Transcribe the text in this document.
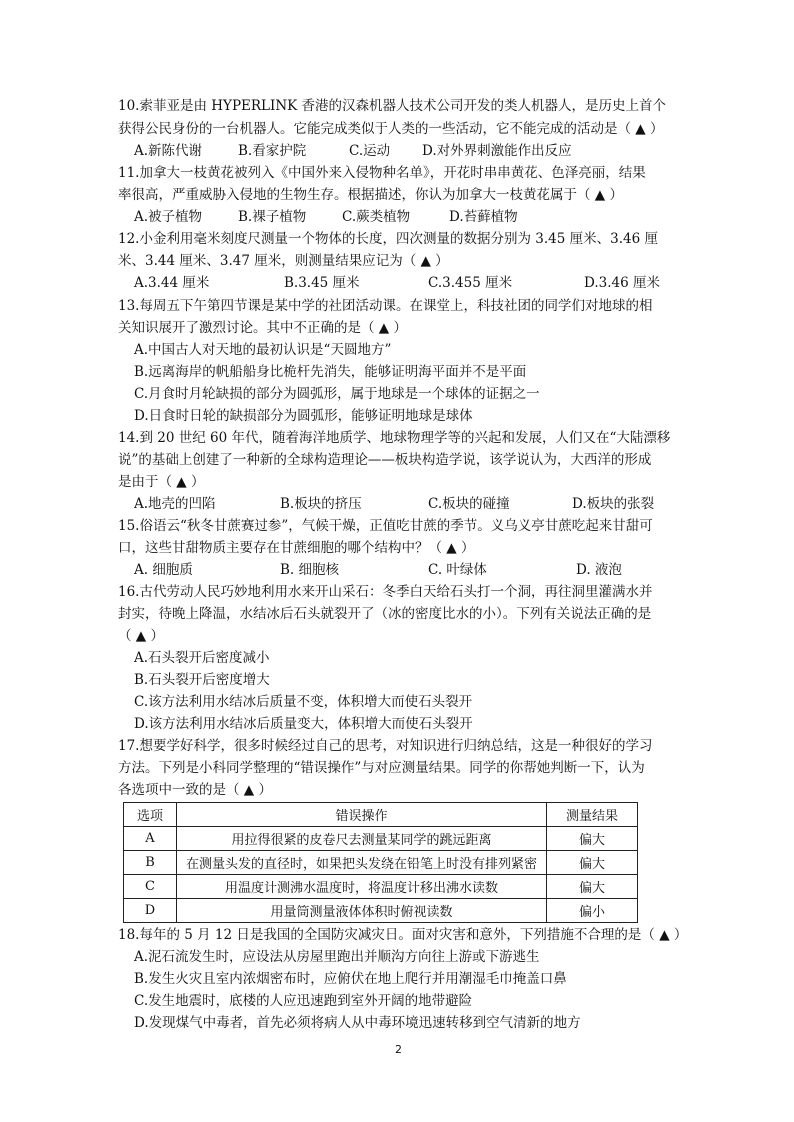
10.索菲亚是由 HYPERLINK 香港的汉森机器人技术公司开发的类人机器人，是历史上首个
获得公民身份的一台机器人。它能完成类似于人类的一些活动，它不能完成的活动是（ ▲ ）
A.新陈代谢	B.看家护院	C.运动 D.对外界刺激能作出反应
11.加拿大一枝黄花被列入《中国外来入侵物种名单》，开花时串串黄花、色泽亮丽，结果
率很高，严重威胁入侵地的生物生存。根据描述，你认为加拿大一枝黄花属于（ ▲ ）
A.被子植物	B.裸子植物	C.蕨类植物	D.苔藓植物
12.小金利用毫米刻度尺测量一个物体的长度，四次测量的数据分别为 3.45 厘米、3.46 厘
米、3.44 厘米、3.47 厘米，则测量结果应记为（ ▲ ）
A.3.44 厘米	B.3.45 厘米	C.3.455 厘米	D.3.46 厘米
13.每周五下午第四节课是某中学的社团活动课。在课堂上，科技社团的同学们对地球的相
关知识展开了激烈讨论。其中不正确的是（ ▲ ）
A.中国古人对天地的最初认识是“天圆地方”
B.远离海岸的帆船船身比桅杆先消失，能够证明海平面并不是平面
C.月食时月轮缺损的部分为圆弧形，属于地球是一个球体的证据之一
D.日食时日轮的缺损部分为圆弧形，能够证明地球是球体
14.到 20 世纪 60 年代，随着海洋地质学、地球物理学等的兴起和发展，人们又在“大陆漂移
说”的基础上创建了一种新的全球构造理论——板块构造学说，该学说认为，大西洋的形成
是由于（ ▲ ）
A.地壳的凹陷	B.板块的挤压	C.板块的碰撞	D.板块的张裂
15.俗语云“秋冬甘蔗赛过参”，气候干燥，正值吃甘蔗的季节。义乌义亭甘蔗吃起来甘甜可
口，这些甘甜物质主要存在甘蔗细胞的哪个结构中？（ ▲ ）
A. 细胞质	B. 细胞核	C. 叶绿体	D. 液泡
16.古代劳动人民巧妙地利用水来开山采石：冬季白天给石头打一个洞，再往洞里灌满水并
封实，待晚上降温，水结冰后石头就裂开了（冰的密度比水的小）。下列有关说法正确的是
（ ▲ ）
A.石头裂开后密度减小
B.石头裂开后密度增大
C.该方法利用水结冰后质量不变，体积增大而使石头裂开
D.该方法利用水结冰后质量变大，体积增大而使石头裂开
17.想要学好科学，很多时候经过自己的思考，对知识进行归纳总结，这是一种很好的学习
方法。下列是小科同学整理的“错误操作”与对应测量结果。同学的你帮她判断一下，认为
各选项中一致的是（ ▲ ）
选项	错误操作	测量结果
A	用拉得很紧的皮卷尺去测量某同学的跳远距离	偏大
B	在测量头发的直径时，如果把头发绕在铅笔上时没有排列紧密	偏大
C	用温度计测沸水温度时，将温度计移出沸水读数	偏大
D	用量筒测量液体体积时俯视读数	偏小
18.每年的 5 月 12 日是我国的全国防灾减灾日。面对灾害和意外，下列措施不合理的是（ ▲ ）
A.泥石流发生时，应设法从房屋里跑出并顺沟方向往上游或下游逃生
B.发生火灾且室内浓烟密布时，应俯伏在地上爬行并用潮湿毛巾掩盖口鼻
C.发生地震时，底楼的人应迅速跑到室外开阔的地带避险
D.发现煤气中毒者，首先必须将病人从中毒环境迅速转移到空气清新的地方
2
